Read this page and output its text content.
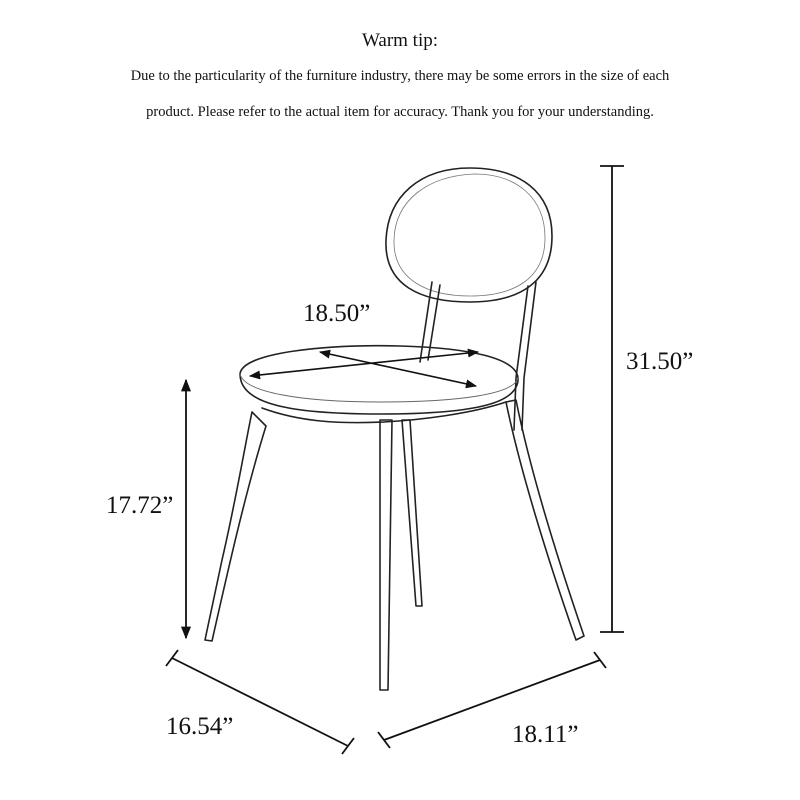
Warm tip:
Due to the particularity of the furniture industry, there may be some errors in the size of each
product. Please refer to the actual item for accuracy. Thank you for your understanding.
18.50”
31.50”
17.72”
16.54”	18.11”
